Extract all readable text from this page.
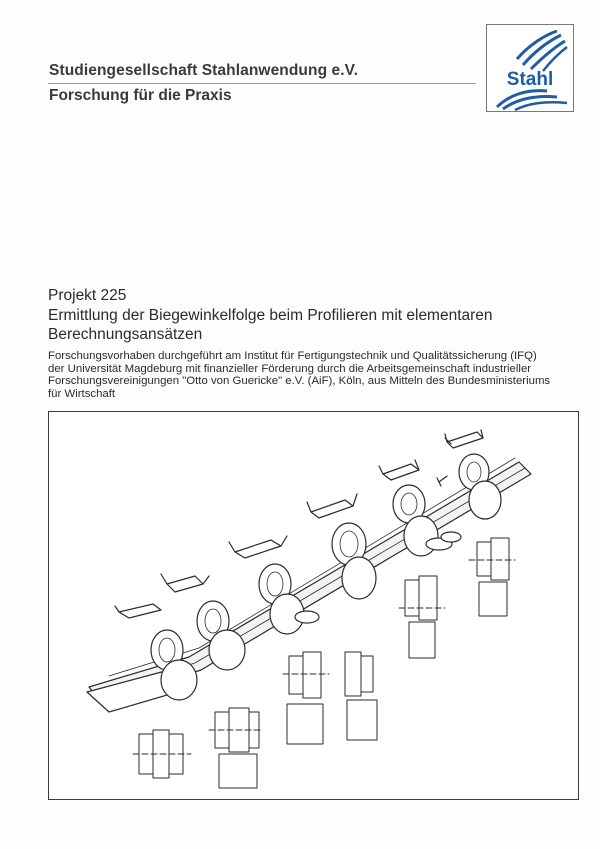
Studiengesellschaft Stahlanwendung e.V.
Forschung für die Praxis
Stahl
Projekt 225
Ermittlung der Biegewinkelfolge beim Profilieren mit elementaren
Berechnungsansätzen
Forschungsvorhaben durchgeführt am Institut für Fertigungstechnik und Qualitätssicherung (IFQ)
der Universität Magdeburg mit finanzieller Förderung durch die Arbeitsgemeinschaft industrieller
Forschungsvereinigungen "Otto von Guericke" e.V. (AiF), Köln, aus Mitteln des Bundesministeriums
für Wirtschaft
